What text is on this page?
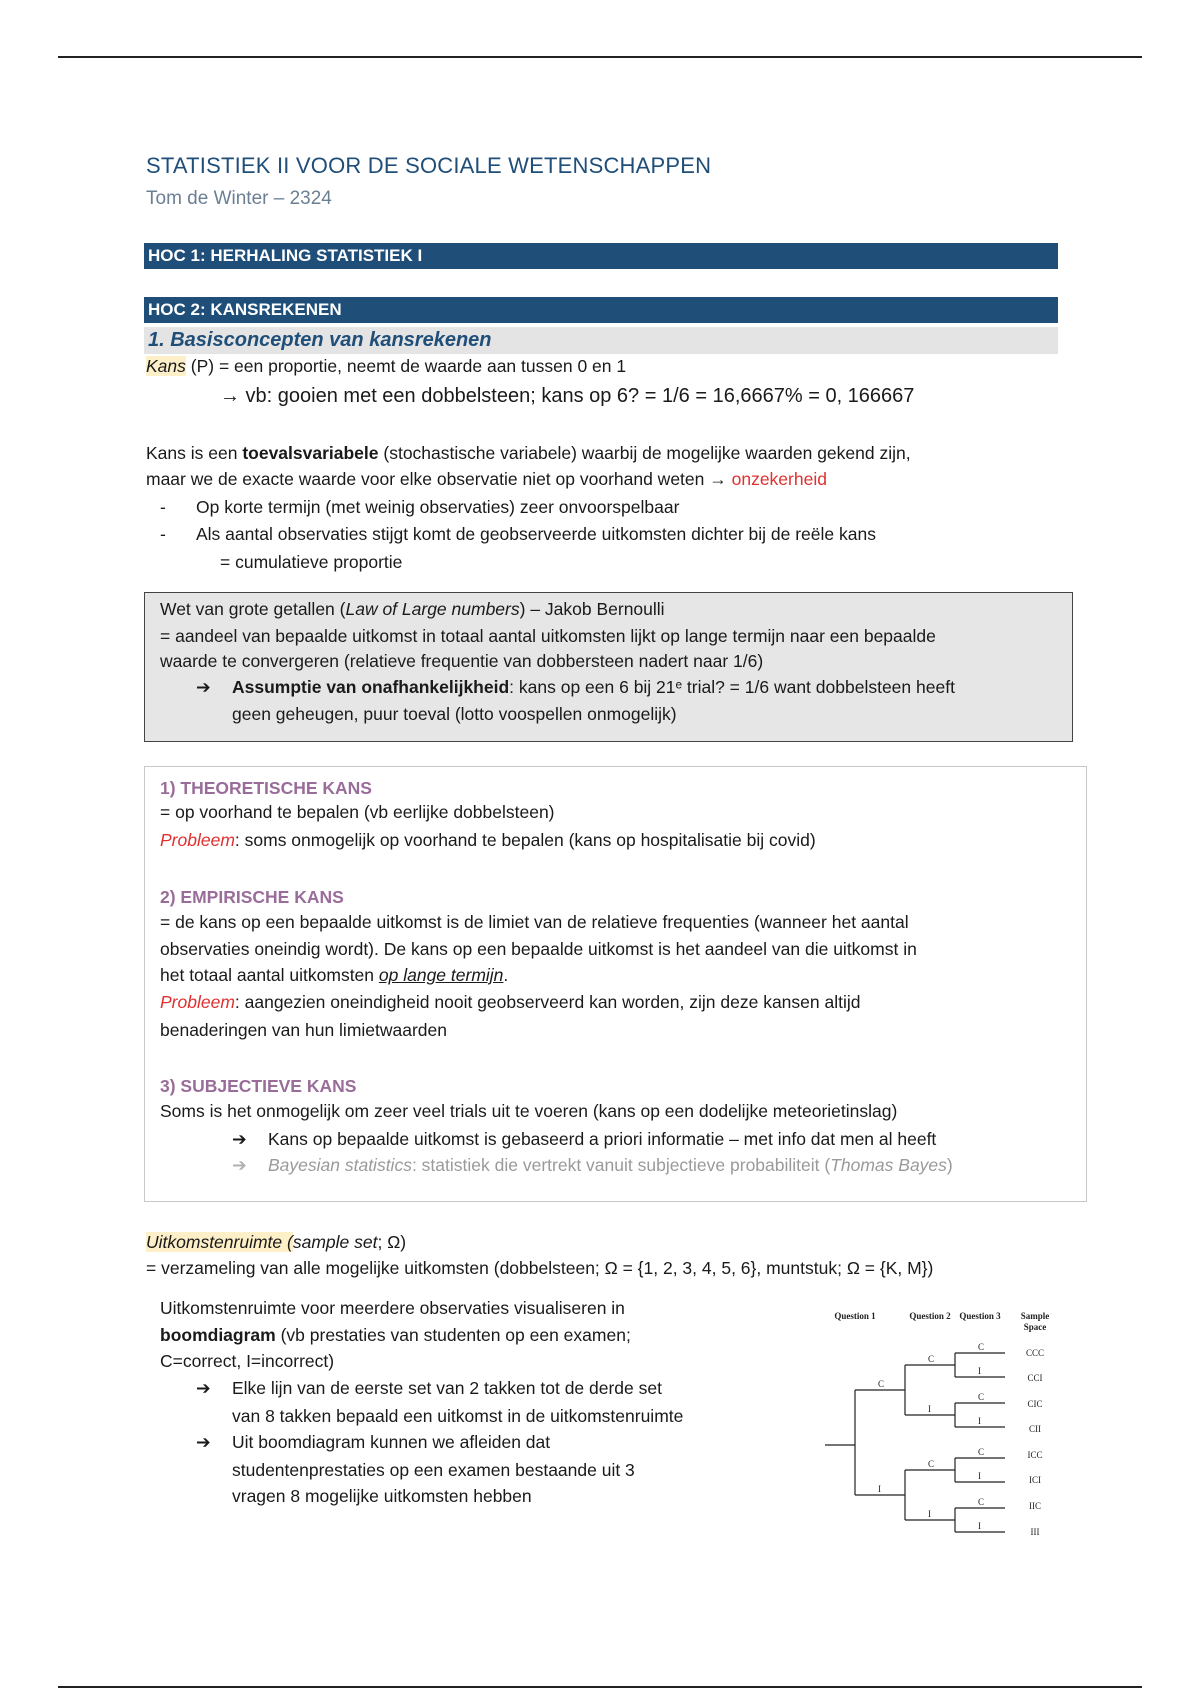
STATISTIEK II VOOR DE SOCIALE WETENSCHAPPEN
Tom de Winter – 2324
HOC 1: HERHALING STATISTIEK I
HOC 2: KANSREKENEN
1. Basisconcepten van kansrekenen
Kans (P) = een proportie, neemt de waarde aan tussen 0 en 1
→ vb: gooien met een dobbelsteen; kans op 6? = 1/6 = 16,6667% = 0, 166667
Kans is een toevalsvariabele (stochastische variabele) waarbij de mogelijke waarden gekend zijn,
maar we de exacte waarde voor elke observatie niet op voorhand weten → onzekerheid
- Op korte termijn (met weinig observaties) zeer onvoorspelbaar
- Als aantal observaties stijgt komt de geobserveerde uitkomsten dichter bij de reële kans
= cumulatieve proportie
Wet van grote getallen (Law of Large numbers) – Jakob Bernoulli
= aandeel van bepaalde uitkomst in totaal aantal uitkomsten lijkt op lange termijn naar een bepaalde
waarde te convergeren (relatieve frequentie van dobbersteen nadert naar 1/6)
➔ Assumptie van onafhankelijkheid: kans op een 6 bij 21ᵉ trial? = 1/6 want dobbelsteen heeft
geen geheugen, puur toeval (lotto voospellen onmogelijk)
1) THEORETISCHE KANS
= op voorhand te bepalen (vb eerlijke dobbelsteen)
Probleem: soms onmogelijk op voorhand te bepalen (kans op hospitalisatie bij covid)
2) EMPIRISCHE KANS
= de kans op een bepaalde uitkomst is de limiet van de relatieve frequenties (wanneer het aantal
observaties oneindig wordt). De kans op een bepaalde uitkomst is het aandeel van die uitkomst in
het totaal aantal uitkomsten op lange termijn.
Probleem: aangezien oneindigheid nooit geobserveerd kan worden, zijn deze kansen altijd
benaderingen van hun limietwaarden
3) SUBJECTIEVE KANS
Soms is het onmogelijk om zeer veel trials uit te voeren (kans op een dodelijke meteorietinslag)
➔ Kans op bepaalde uitkomst is gebaseerd a priori informatie – met info dat men al heeft
➔ Bayesian statistics: statistiek die vertrekt vanuit subjectieve probabiliteit (Thomas Bayes)
Uitkomstenruimte (sample set; Ω)
= verzameling van alle mogelijke uitkomsten (dobbelsteen; Ω = {1, 2, 3, 4, 5, 6}, muntstuk; Ω = {K, M})
Uitkomstenruimte voor meerdere observaties visualiseren in
boomdiagram (vb prestaties van studenten op een examen;
C=correct, I=incorrect)
➔ Elke lijn van de eerste set van 2 takken tot de derde set
van 8 takken bepaald een uitkomst in de uitkomstenruimte
➔ Uit boomdiagram kunnen we afleiden dat
studentenprestaties op een examen bestaande uit 3
vragen 8 mogelijke uitkomsten hebben
Question 1	Question 2 Question 3 Sample
Space
C
I
C
I
C
I
C
I
C
I
C
I
C
I
CCC
CCI
CIC
CII
ICC
ICI
IIC
III
